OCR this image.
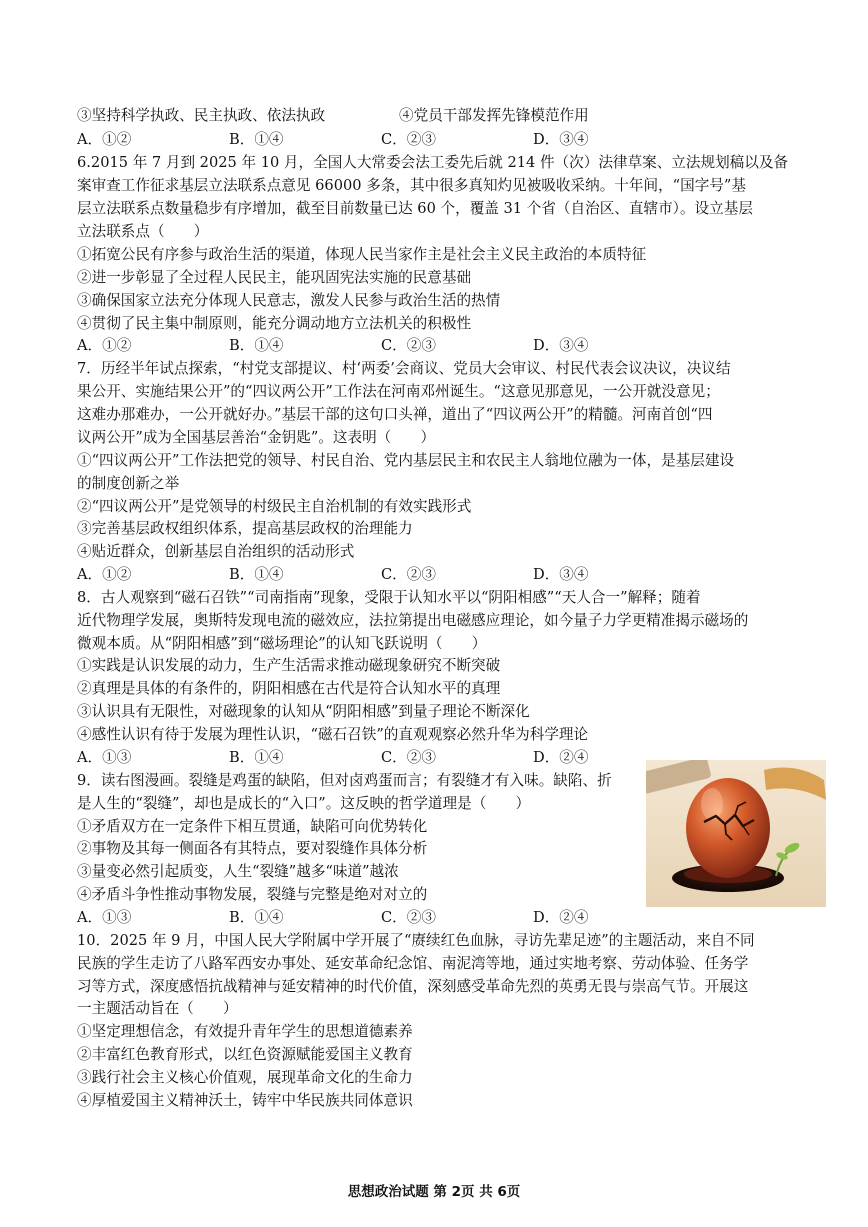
③坚持科学执政、民主执政、依法执政	④党员干部发挥先锋模范作用
A．①②	B．①④	C．②③	D．③④
6.2015 年 7 月到 2025 年 10 月，全国人大常委会法工委先后就 214 件（次）法律草案、立法规划稿以及备
案审查工作征求基层立法联系点意见 66000 多条，其中很多真知灼见被吸收采纳。十年间，“国字号”基
层立法联系点数量稳步有序增加，截至目前数量已达 60 个，覆盖 31 个省（自治区、直辖市）。设立基层
立法联系点（　　）
①拓宽公民有序参与政治生活的渠道，体现人民当家作主是社会主义民主政治的本质特征
②进一步彰显了全过程人民民主，能巩固宪法实施的民意基础
③确保国家立法充分体现人民意志，激发人民参与政治生活的热情
④贯彻了民主集中制原则，能充分调动地方立法机关的积极性
A．①②	B．①④	C．②③	D．③④
7．历经半年试点探索，“村党支部提议、村‘两委’会商议、党员大会审议、村民代表会议决议，决议结
果公开、实施结果公开”的“四议两公开”工作法在河南邓州诞生。“这意见那意见，一公开就没意见；
这难办那难办，一公开就好办。”基层干部的这句口头禅，道出了“四议两公开”的精髓。河南首创“四
议两公开”成为全国基层善治“金钥匙”。这表明（　　）
①“四议两公开”工作法把党的领导、村民自治、党内基层民主和农民主人翁地位融为一体，是基层建设
的制度创新之举
②“四议两公开”是党领导的村级民主自治机制的有效实践形式
③完善基层政权组织体系，提高基层政权的治理能力
④贴近群众，创新基层自治组织的活动形式
A．①②	B．①④	C．②③	D．③④
8．古人观察到“磁石召铁”“司南指南”现象，受限于认知水平以“阴阳相感”“天人合一”解释；随着
近代物理学发展，奥斯特发现电流的磁效应，法拉第提出电磁感应理论，如今量子力学更精准揭示磁场的
微观本质。从“阴阳相感”到“磁场理论”的认知飞跃说明（　　）
①实践是认识发展的动力，生产生活需求推动磁现象研究不断突破
②真理是具体的有条件的，阴阳相感在古代是符合认知水平的真理
③认识具有无限性，对磁现象的认知从“阴阳相感”到量子理论不断深化
④感性认识有待于发展为理性认识，“磁石召铁”的直观观察必然升华为科学理论
A．①③	B．①④	C．②③	D．②④
9．读右图漫画。裂缝是鸡蛋的缺陷，但对卤鸡蛋而言；有裂缝才有入味。缺陷、折
是人生的“裂缝”，却也是成长的“入口”。这反映的哲学道理是（　　）
①矛盾双方在一定条件下相互贯通，缺陷可向优势转化
②事物及其每一侧面各有其特点，要对裂缝作具体分析
③量变必然引起质变，人生“裂缝”越多“味道”越浓
④矛盾斗争性推动事物发展，裂缝与完整是绝对对立的
A．①③	B．①④	C．②③	D．②④
10．2025 年 9 月，中国人民大学附属中学开展了“赓续红色血脉，寻访先辈足迹”的主题活动，来自不同
民族的学生走访了八路军西安办事处、延安革命纪念馆、南泥湾等地，通过实地考察、劳动体验、任务学
习等方式，深度感悟抗战精神与延安精神的时代价值，深刻感受革命先烈的英勇无畏与崇高气节。开展这
一主题活动旨在（　　）
①坚定理想信念，有效提升青年学生的思想道德素养
②丰富红色教育形式，以红色资源赋能爱国主义教育
③践行社会主义核心价值观，展现革命文化的生命力
④厚植爱国主义精神沃土，铸牢中华民族共同体意识
思想政治试题 第 2页 共 6页
